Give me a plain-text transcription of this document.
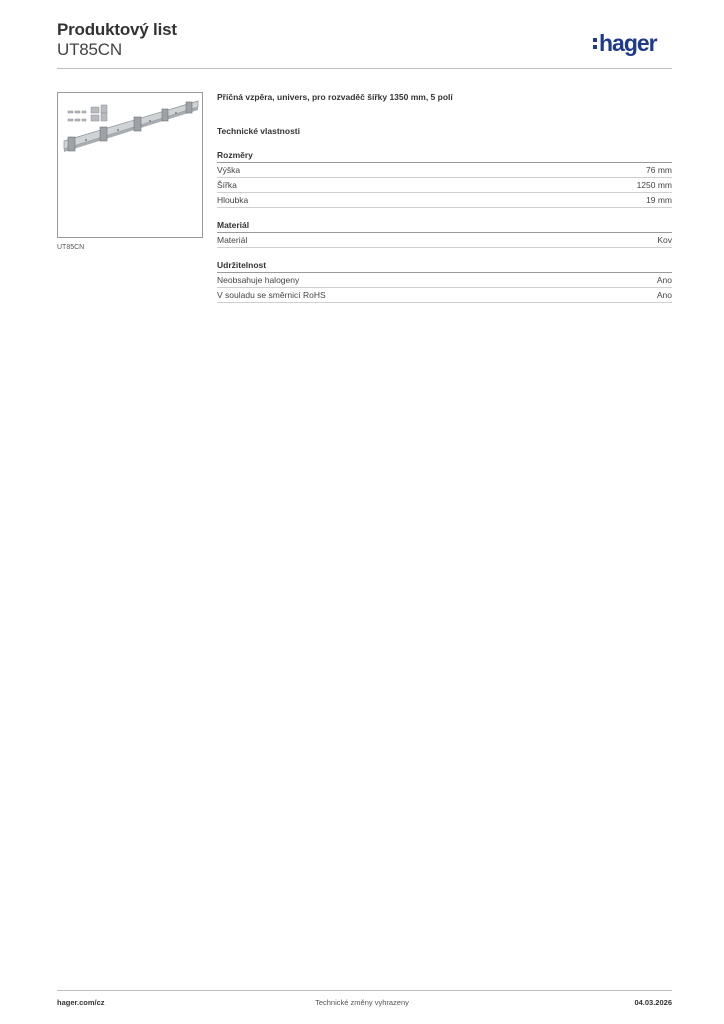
Produktový list
UT85CN	hager
UT85CN
Příčná vzpěra, univers, pro rozvaděč šířky 1350 mm, 5 polí
Technické vlastnosti
Rozměry
Výška	76 mm
Šířka	1250 mm
Hloubka	19 mm
Materiál
Materiál	Kov
Udržitelnost
Neobsahuje halogeny	Ano
V souladu se směrnicí RoHS	Ano
hager.com/cz	Technické změny vyhrazeny	04.03.2026
